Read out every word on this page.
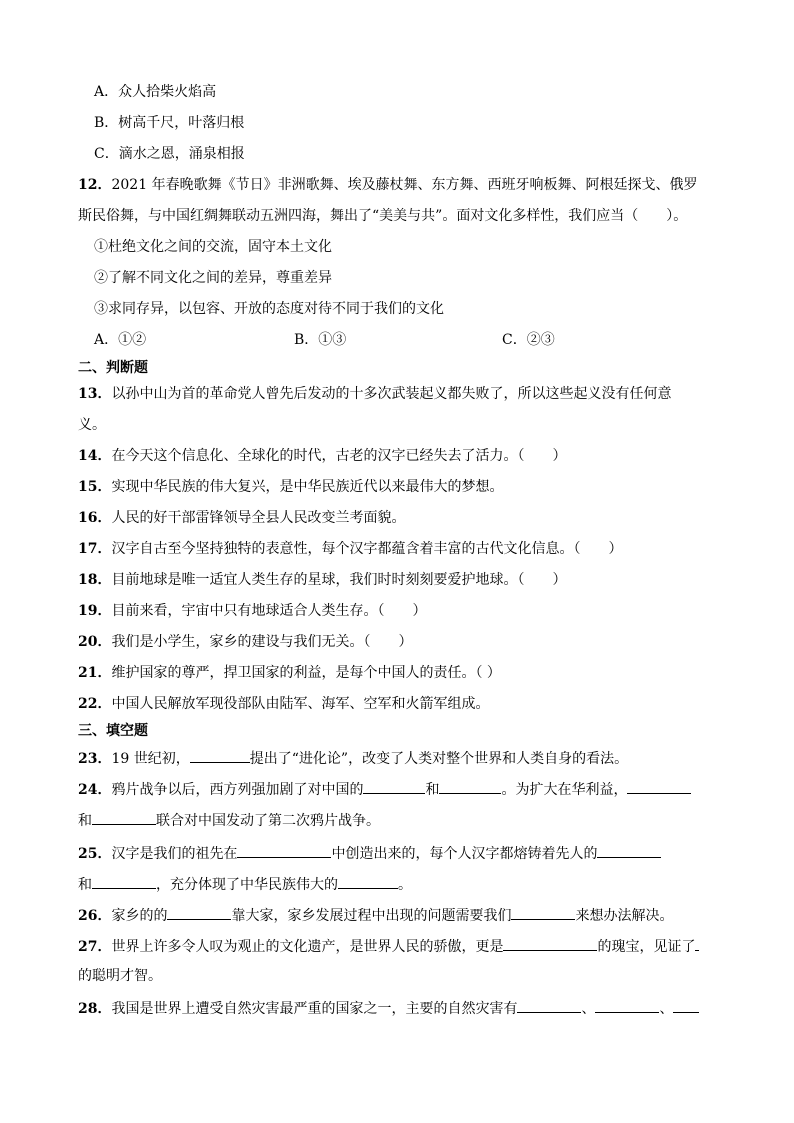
A．众人拾柴火焰高
B．树高千尺，叶落归根
C．滴水之恩，涌泉相报
12．2021 年春晚歌舞《节日》非洲歌舞、埃及藤杖舞、东方舞、西班牙响板舞、阿根廷探戈、俄罗
斯民俗舞，与中国红绸舞联动五洲四海，舞出了“美美与共”。面对文化多样性，我们应当（　　）。
①杜绝文化之间的交流，固守本土文化
②了解不同文化之间的差异，尊重差异
③求同存异，以包容、开放的态度对待不同于我们的文化
A．①②	B．①③	C．②③
二、判断题
13．以孙中山为首的革命党人曾先后发动的十多次武装起义都失败了，所以这些起义没有任何意
义。
14．在今天这个信息化、全球化的时代，古老的汉字已经失去了活力。（　　）
15．实现中华民族的伟大复兴，是中华民族近代以来最伟大的梦想。
16．人民的好干部雷锋领导全县人民改变兰考面貌。
17．汉字自古至今坚持独特的表意性，每个汉字都蕴含着丰富的古代文化信息。（　　）
18．目前地球是唯一适宜人类生存的星球，我们时时刻刻要爱护地球。（　　）
19．目前来看，宇宙中只有地球适合人类生存。（　　）
20．我们是小学生，家乡的建设与我们无关。（　　）
21．维护国家的尊严，捍卫国家的利益，是每个中国人的责任。（ ）
22．中国人民解放军现役部队由陆军、海军、空军和火箭军组成。
三、填空题
23．19 世纪初，	提出了“进化论”，改变了人类对整个世界和人类自身的看法。
24．鸦片战争以后，西方列强加剧了对中国的	和	。为扩大在华利益，
和	联合对中国发动了第二次鸦片战争。
25．汉字是我们的祖先在	中创造出来的，每个人汉字都熔铸着先人的
和	，充分体现了中华民族伟大的	。
26．家乡的的	靠大家，家乡发展过程中出现的问题需要我们	来想办法解决。
27．世界上许多令人叹为观止的文化遗产，是世界人民的骄傲，更是	的瑰宝，见证了
的聪明才智。
28．我国是世界上遭受自然灾害最严重的国家之一，主要的自然灾害有	、	、
